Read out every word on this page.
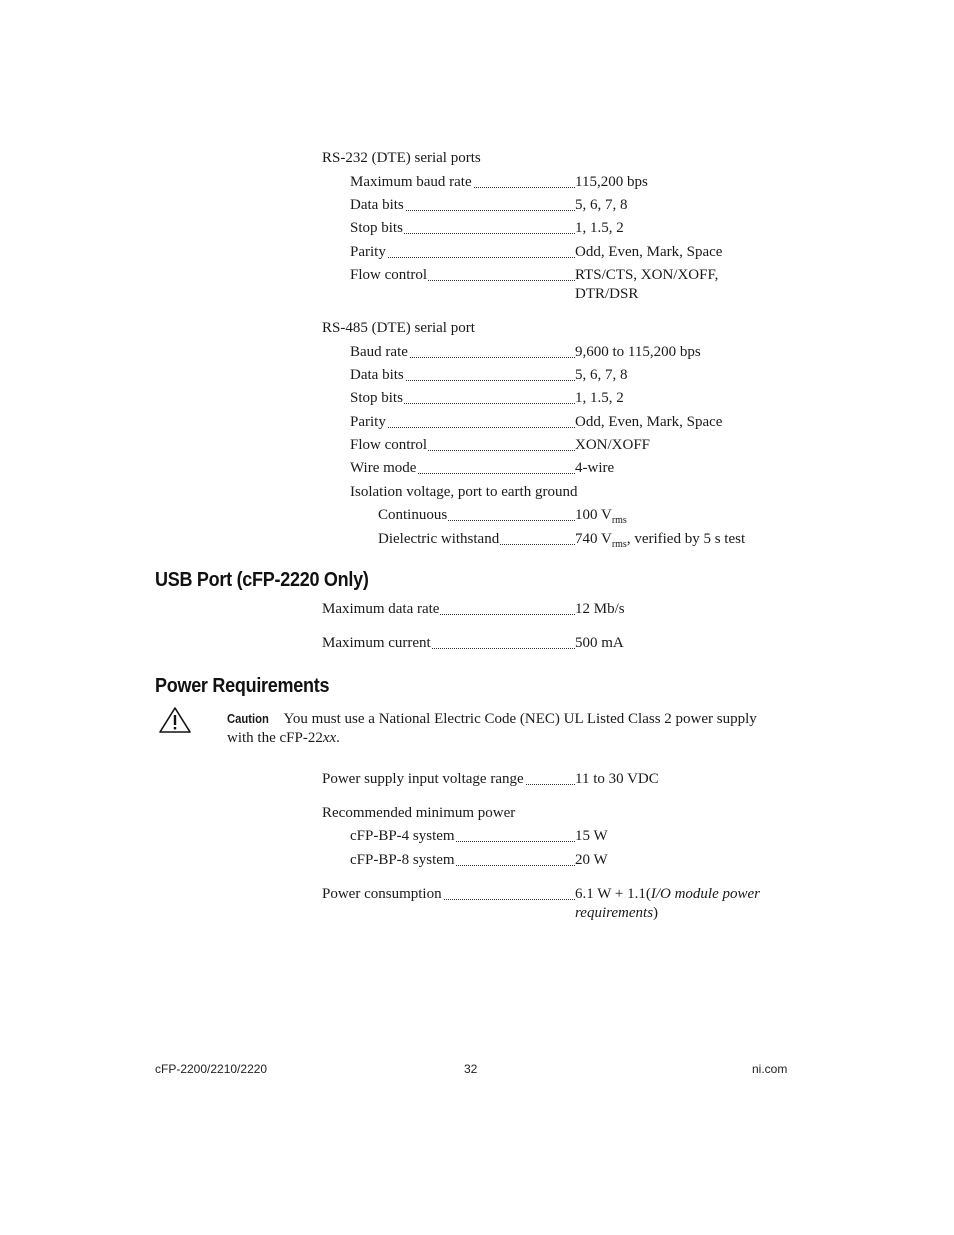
RS-232 (DTE) serial ports
Maximum baud rate	115,200 bps
Data bits	5, 6, 7, 8
Stop bits	1, 1.5, 2
Parity	Odd, Even, Mark, Space
Flow control	RTS/CTS, XON/XOFF,
DTR/DSR
RS-485 (DTE) serial port
Baud rate	9,600 to 115,200 bps
Data bits	5, 6, 7, 8
Stop bits	1, 1.5, 2
Parity	Odd, Even, Mark, Space
Flow control	XON/XOFF
Wire mode	4-wire
Isolation voltage, port to earth ground
Continuous	100 $V_{rms}$
Dielectric withstand	740 $V_{rms}$, verified by 5 s test
USB Port (cFP-2220 Only)
Maximum data rate	12 Mb/s
Maximum current	500 mA
Power Requirements
Caution You must use a National Electric Code (NEC) UL Listed Class 2 power supply
with the cFP-22xx.
Power supply input voltage range	11 to 30 VDC
Recommended minimum power
cFP-BP-4 system	15 W
cFP-BP-8 system	20 W
Power consumption	6.1 W + 1.1(I/O module power
requirements)
cFP-2200/2210/2220	32	ni.com
